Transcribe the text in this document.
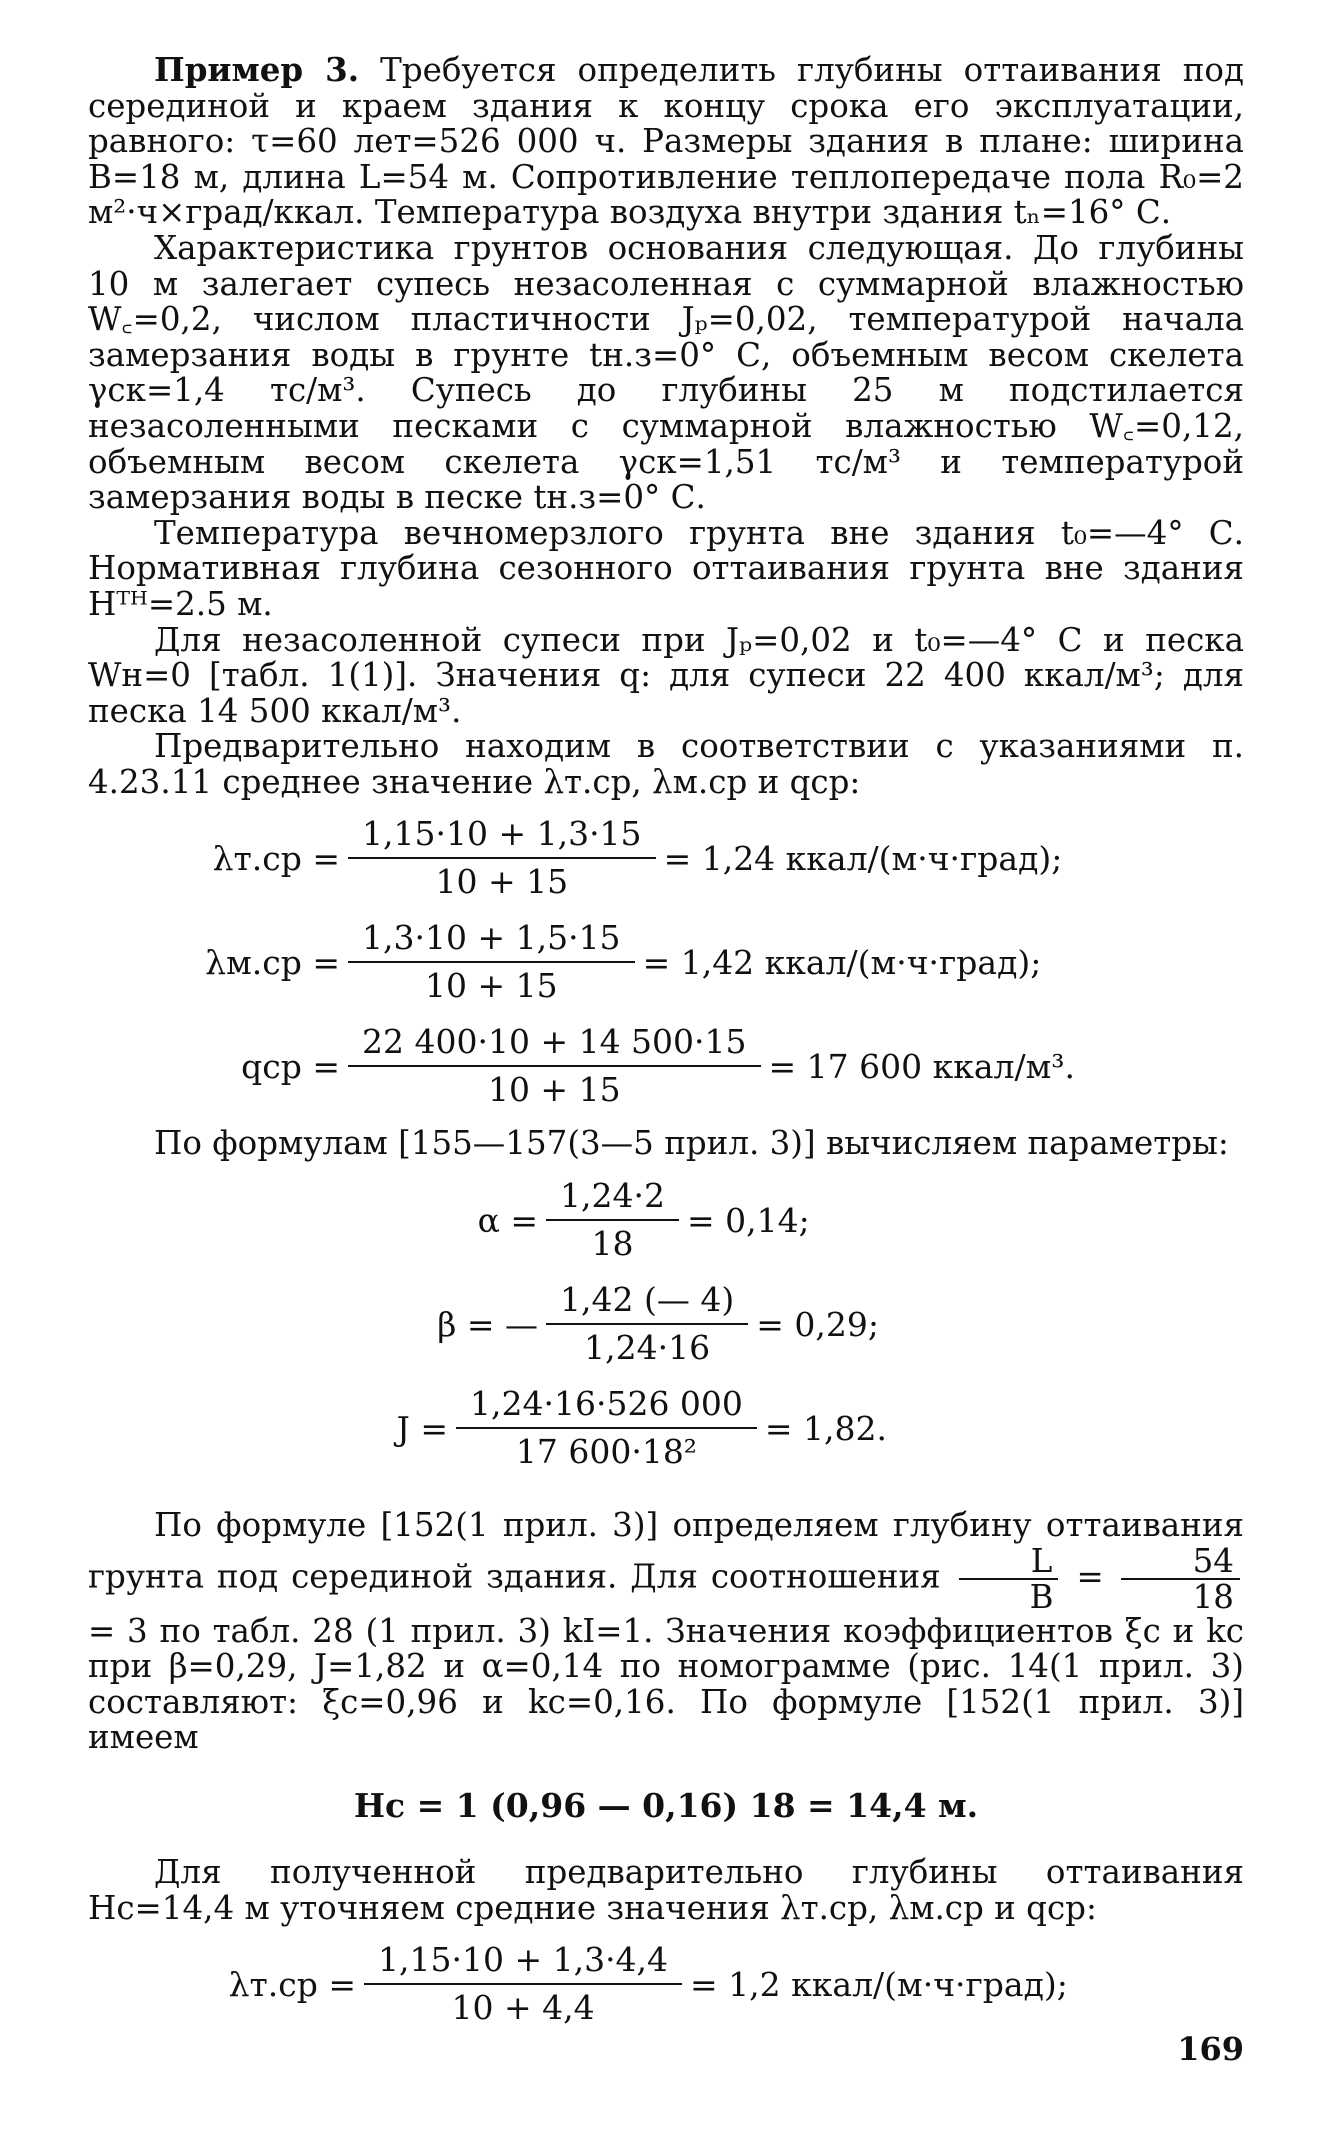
Пример 3. Требуется определить глубины оттаивания под серединой и краем здания к концу срока его эксплуатации, равного: τ=60 лет=526 000 ч. Размеры здания в плане: ширина B=18 м, длина L=54 м. Сопротивление теплопередаче пола R₀=2 м²·ч×град/ккал. Температура воздуха внутри здания tₙ=16° С.

Характеристика грунтов основания следующая. До глубины 10 м залегает супесь незасоленная с суммарной влажностью W꜀=0,2, числом пластичности Jₚ=0,02, температурой начала замерзания воды в грунте tн.з=0° С, объемным весом скелета γск=1,4 тс/м³. Супесь до глубины 25 м подстилается незасоленными песками с суммарной влажностью W꜀=0,12, объемным весом скелета γск=1,51 тс/м³ и температурой замерзания воды в песке tн.з=0° С.

Температура вечномерзлого грунта вне здания t₀=—4° С. Нормативная глубина сезонного оттаивания грунта вне здания Hᵀᴴ=2.5 м.

Для незасоленной супеси при Jₚ=0,02 и t₀=—4° С и песка Wн=0 [табл. 1(1)]. Значения q: для супеси 22 400 ккал/м³; для песка 14 500 ккал/м³.

Предварительно находим в соответствии с указаниями п. 4.23.11 среднее значение λт.ср, λм.ср и qср:

$\lambda т.ср = \frac{1,15\cdot 10 + 1,3\cdot 15}{10 + 15} = 1,24$ ккал/(м·ч·град);
$\lambda м.ср = \frac{1,3\cdot 10 + 1,5\cdot 15}{10 + 15} = 1,42$ ккал/(м·ч·град);
qср = $\frac{22 400\cdot 10 + 14 500\cdot 15}{10 + 15} = 17$ 600 ккал/м³.

По формулам [155—157(3—5 прил. 3)] вычисляем параметры:

$\alpha = \frac{1,24\cdot 2}{18} = 0,14$;
β = — $\frac{1,42 (— 4)}{1,24\cdot 16} = 0,29$;
$J = \frac{1,24\cdot 16\cdot 526 000}{\text{17 600·18²}} = 1,82$.

По формуле [152(1 прил. 3)] определяем глубину оттаивания грунта под серединой здания. Для соотношения $\frac{L}{B} = \frac{54}{18}$
= 3 по табл. 28 (1 прил. 3) kI=1. Значения коэффициентов ξc и kc при β=0,29, J=1,82 и α=0,14 по номограмме (рис. 14(1 прил. 3) составляют: ξc=0,96 и kc=0,16. По формуле [152(1 прил. 3)] имеем

Hc = 1 (0,96 — 0,16) 18 = 14,4 м.

Для полученной предварительно глубины оттаивания Hc=14,4 м уточняем средние значения λт.ср, λм.ср и qср:

$\lambda т.ср = \frac{1,15\cdot 10 + 1,3\cdot 4,4}{10 + 4,4} = 1,2$ ккал/(м·ч·град);
169
